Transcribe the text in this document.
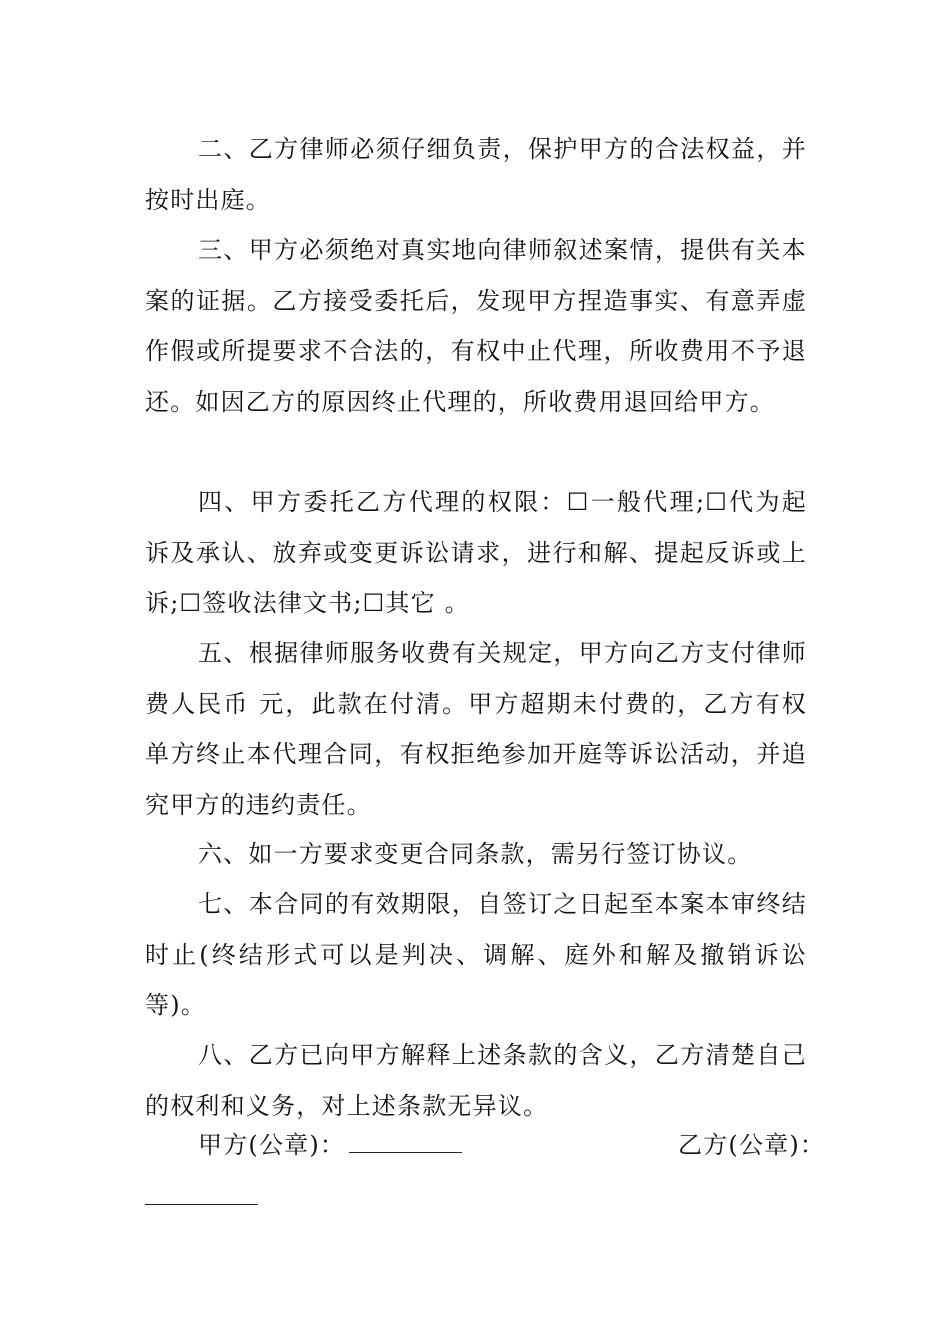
二、乙方律师必须仔细负责，保护甲方的合法权益，并按时出庭。

三、甲方必须绝对真实地向律师叙述案情，提供有关本案的证据。乙方接受委托后，发现甲方捏造事实、有意弄虚作假或所提要求不合法的，有权中止代理，所收费用不予退还。如因乙方的原因终止代理的，所收费用退回给甲方。

四、甲方委托乙方代理的权限：☐一般代理;☐代为起诉及承认、放弃或变更诉讼请求，进行和解、提起反诉或上诉;☐签收法律文书;☐其它 。

五、根据律师服务收费有关规定，甲方向乙方支付律师费人民币 元，此款在付清。甲方超期未付费的，乙方有权单方终止本代理合同，有权拒绝参加开庭等诉讼活动，并追究甲方的违约责任。

六、如一方要求变更合同条款，需另行签订协议。

七、本合同的有效期限，自签订之日起至本案本审终结时止(终结形式可以是判决、调解、庭外和解及撤销诉讼等)。

八、乙方已向甲方解释上述条款的含义，乙方清楚自己的权利和义务，对上述条款无异议。

甲方(公章)：	乙方(公章)：
